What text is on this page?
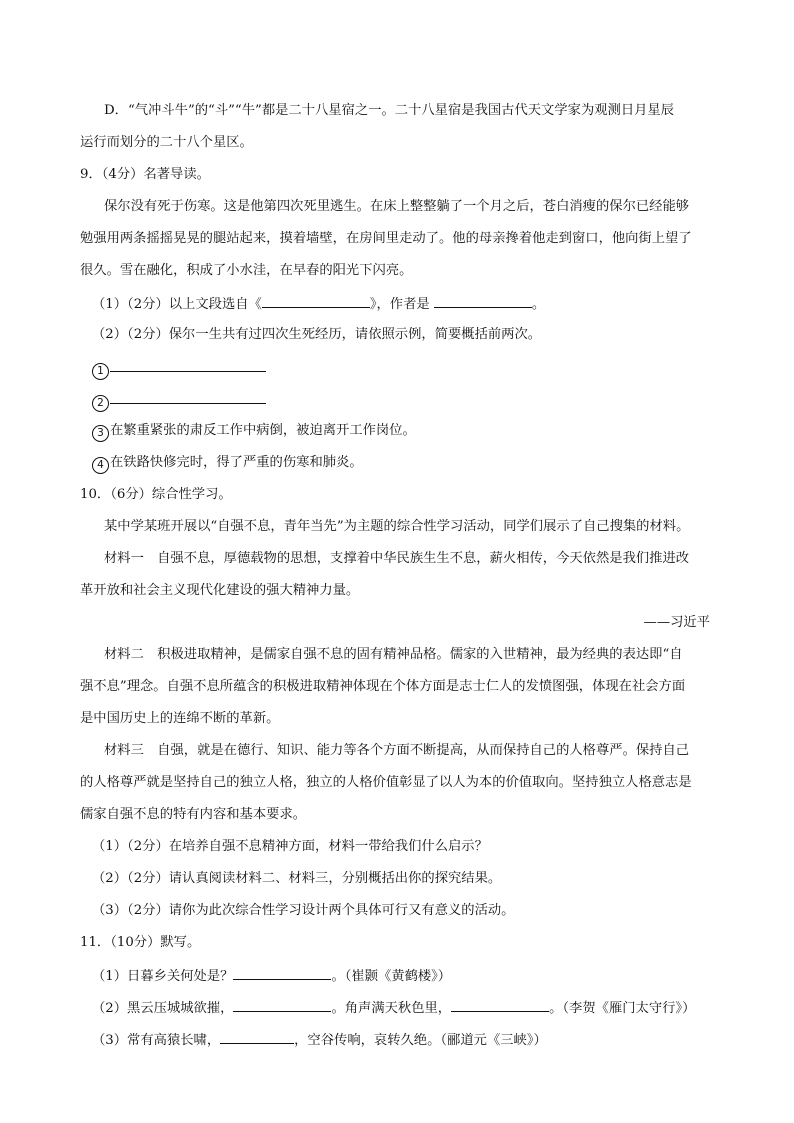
D．“气冲斗牛”的“斗”“牛”都是二十八星宿之一。二十八星宿是我国古代天文学家为观测日月星辰
运行而划分的二十八个星区。
9．（4分）名著导读。
保尔没有死于伤寒。这是他第四次死里逃生。在床上整整躺了一个月之后，苍白消瘦的保尔已经能够
勉强用两条摇摇晃晃的腿站起来，摸着墙壁，在房间里走动了。他的母亲搀着他走到窗口，他向街上望了
很久。雪在融化，积成了小水洼，在早春的阳光下闪亮。
（1）（2分）以上文段选自《	》，作者是	。
（2）（2分）保尔一生共有过四次生死经历，请依照示例，简要概括前两次。
1
2
3 在繁重紧张的肃反工作中病倒，被迫离开工作岗位。
4 在铁路快修完时，得了严重的伤寒和肺炎。
10．（6分）综合性学习。
某中学某班开展以“自强不息，青年当先”为主题的综合性学习活动，同学们展示了自己搜集的材料。
材料一　自强不息，厚德载物的思想，支撑着中华民族生生不息，薪火相传，今天依然是我们推进改
革开放和社会主义现代化建设的强大精神力量。
——习近平
材料二　积极进取精神，是儒家自强不息的固有精神品格。儒家的入世精神，最为经典的表达即“自
强不息”理念。自强不息所蕴含的积极进取精神体现在个体方面是志士仁人的发愤图强，体现在社会方面
是中国历史上的连绵不断的革新。
材料三　自强，就是在德行、知识、能力等各个方面不断提高，从而保持自己的人格尊严。保持自己
的人格尊严就是坚持自己的独立人格，独立的人格价值彰显了以人为本的价值取向。坚持独立人格意志是
儒家自强不息的特有内容和基本要求。
（1）（2分）在培养自强不息精神方面，材料一带给我们什么启示？
（2）（2分）请认真阅读材料二、材料三，分别概括出你的探究结果。
（3）（2分）请你为此次综合性学习设计两个具体可行又有意义的活动。
11．（10分）默写。
（1）日暮乡关何处是？	。（崔颢《黄鹤楼》）
（2）黑云压城城欲摧，	。角声满天秋色里，	。（李贺《雁门太守行》）
（3）常有高猿长啸，	，空谷传响，哀转久绝。（郦道元《三峡》）
